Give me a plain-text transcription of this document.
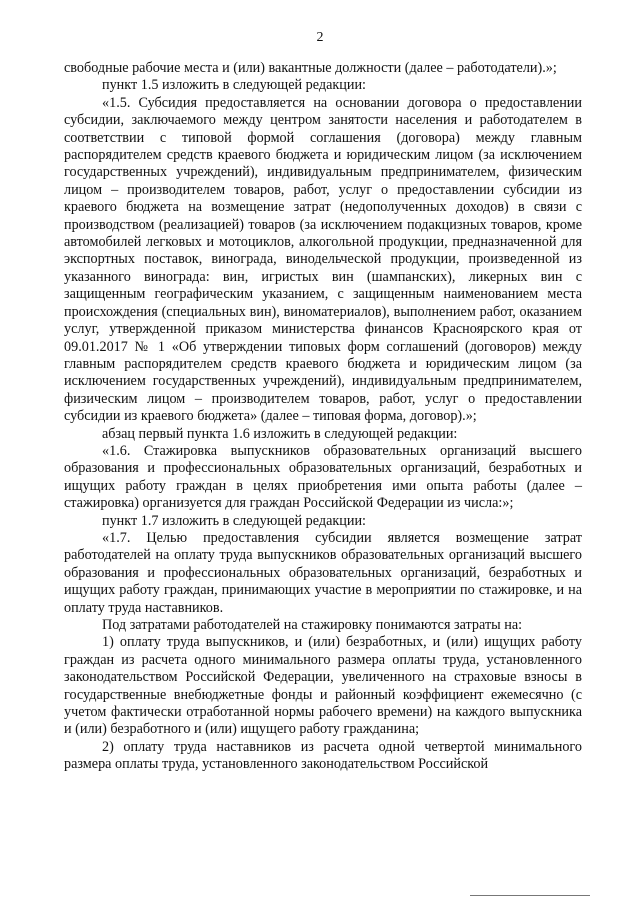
2

свободные рабочие места и (или) вакантные должности (далее – работодатели).»;

пункт 1.5 изложить в следующей редакции:

«1.5. Субсидия предоставляется на основании договора о предоставлении субсидии, заключаемого между центром занятости населения и работодателем в соответствии с типовой формой соглашения (договора) между главным распорядителем средств краевого бюджета и юридическим лицом (за исключением государственных учреждений), индивидуальным предпринимателем, физическим лицом – производителем товаров, работ, услуг о предоставлении субсидии из краевого бюджета на возмещение затрат (недополученных доходов) в связи с производством (реализацией) товаров (за исключением подакцизных товаров, кроме автомобилей легковых и мотоциклов, алкогольной продукции, предназначенной для экспортных поставок, винограда, винодельческой продукции, произведенной из указанного винограда: вин, игристых вин (шампанских), ликерных вин с защищенным географическим указанием, с защищенным наименованием места происхождения (специальных вин), виноматериалов), выполнением работ, оказанием услуг, утвержденной приказом министерства финансов Красноярского края от 09.01.2017 № 1 «Об утверждении типовых форм соглашений (договоров) между главным распорядителем средств краевого бюджета и юридическим лицом (за исключением государственных учреждений), индивидуальным предпринимателем, физическим лицом – производителем товаров, работ, услуг о предоставлении субсидии из краевого бюджета» (далее – типовая форма, договор).»;

абзац первый пункта 1.6 изложить в следующей редакции:

«1.6. Стажировка выпускников образовательных организаций высшего образования и профессиональных образовательных организаций, безработных и ищущих работу граждан в целях приобретения ими опыта работы (далее – стажировка) организуется для граждан Российской Федерации из числа:»;

пункт 1.7 изложить в следующей редакции:

«1.7. Целью предоставления субсидии является возмещение затрат работодателей на оплату труда выпускников образовательных организаций высшего образования и профессиональных образовательных организаций, безработных и ищущих работу граждан, принимающих участие в мероприятии по стажировке, и на оплату труда наставников.

Под затратами работодателей на стажировку понимаются затраты на:

1) оплату труда выпускников, и (или) безработных, и (или) ищущих работу граждан из расчета одного минимального размера оплаты труда, установленного законодательством Российской Федерации, увеличенного на страховые взносы в государственные внебюджетные фонды и районный коэффициент ежемесячно (с учетом фактически отработанной нормы рабочего времени) на каждого выпускника и (или) безработного и (или) ищущего работу гражданина;

2) оплату труда наставников из расчета одной четвертой минимального размера оплаты труда, установленного законодательством Российской
